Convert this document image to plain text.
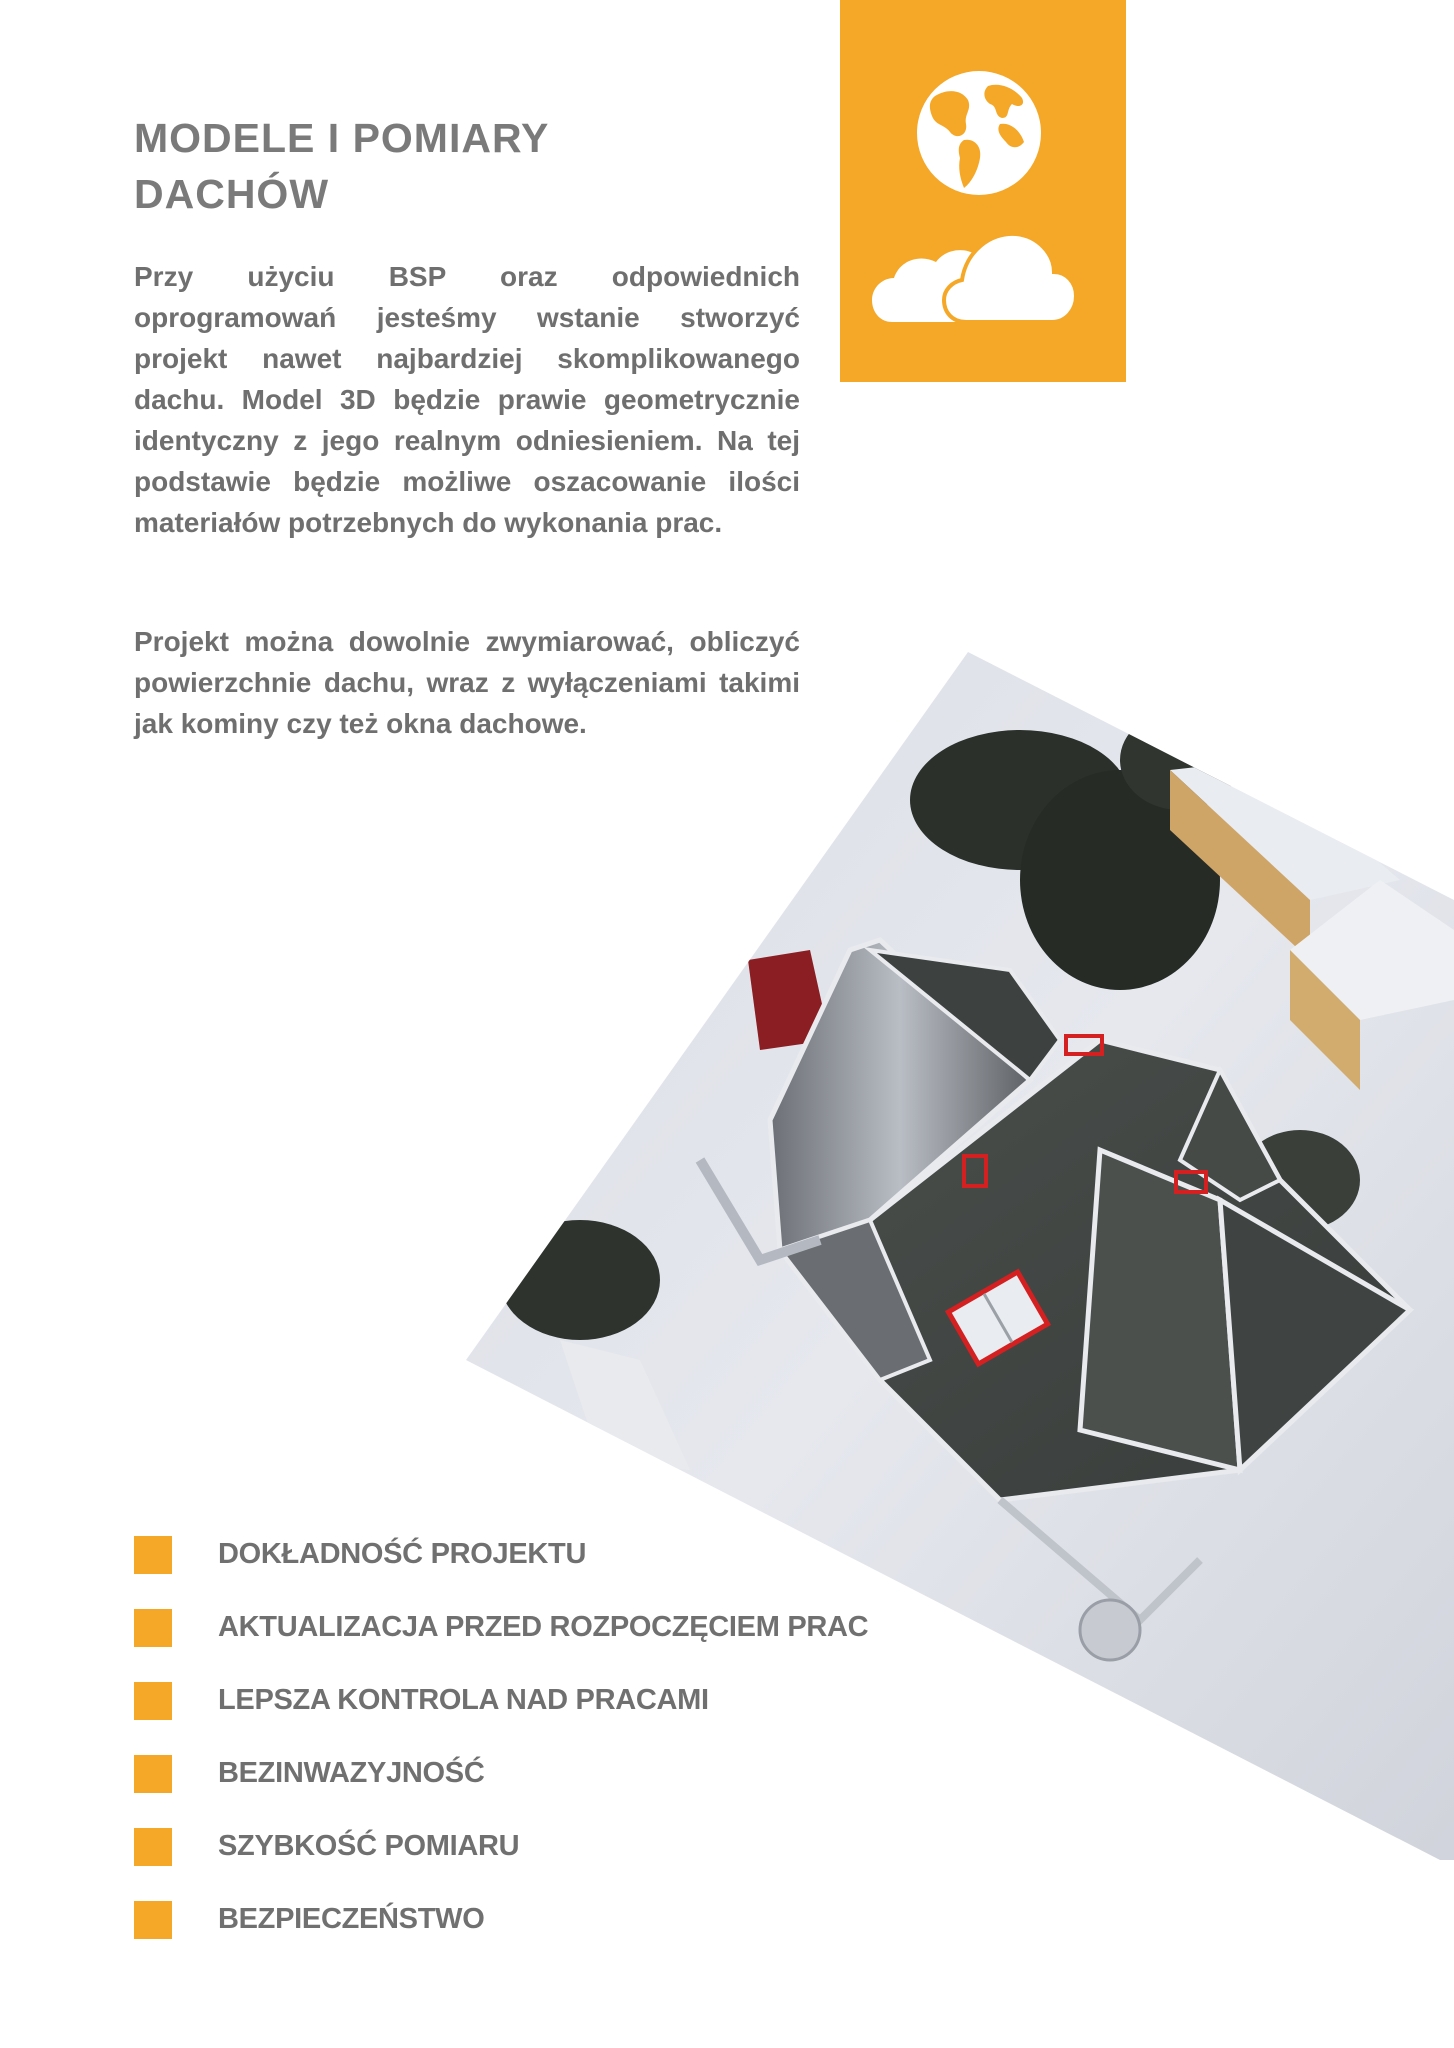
MODELE I POMIARY
DACHÓW

Przy użyciu BSP oraz odpowiednich oprogramowań jesteśmy wstanie stworzyć projekt nawet najbardziej skomplikowanego dachu. Model 3D będzie prawie geometrycznie identyczny z jego realnym odniesieniem. Na tej podstawie będzie możliwe oszacowanie ilości materiałów potrzebnych do wykonania prac.

Projekt można dowolnie zwymiarować, obliczyć powierzchnie dachu, wraz z wyłączeniami takimi jak kominy czy też okna dachowe.

DOKŁADNOŚĆ PROJEKTU
AKTUALIZACJA PRZED ROZPOCZĘCIEM PRAC
LEPSZA KONTROLA NAD PRACAMI
BEZINWAZYJNOŚĆ
SZYBKOŚĆ POMIARU
BEZPIECZEŃSTWO
